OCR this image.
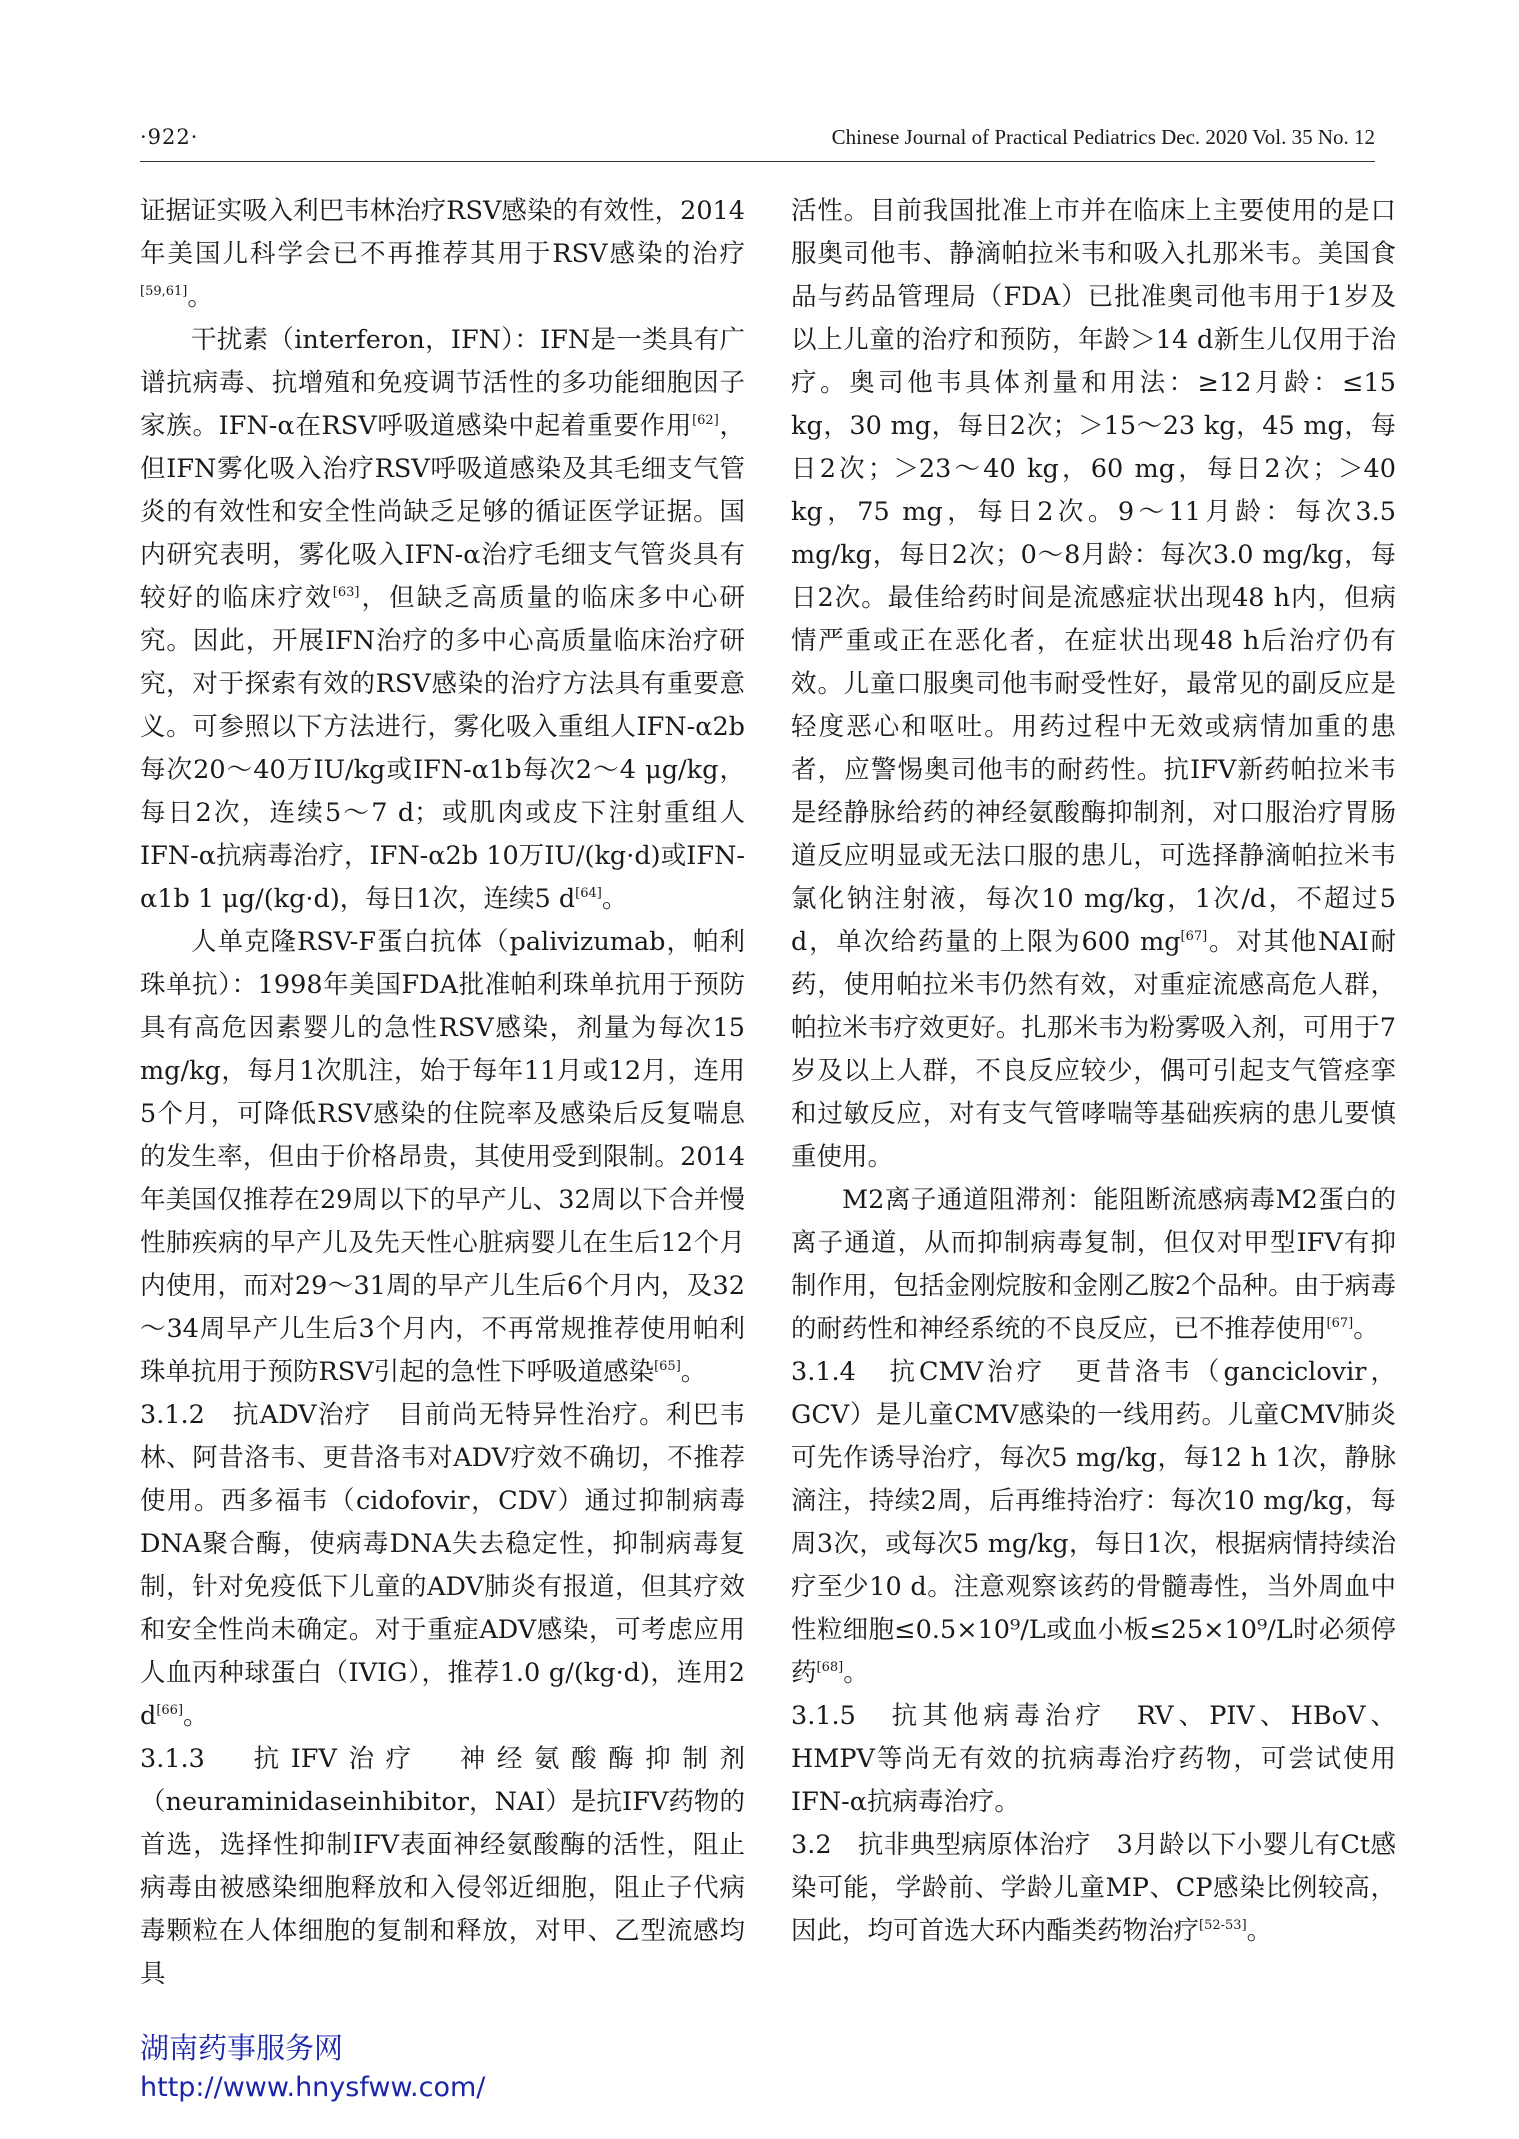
·922·	Chinese Journal of Practical Pediatrics Dec. 2020 Vol. 35 No. 12

证据证实吸入利巴韦林治疗RSV感染的有效性，2014年美国儿科学会已不再推荐其用于RSV感染的治疗[59,61]。

干扰素（interferon，IFN）：IFN是一类具有广谱抗病毒、抗增殖和免疫调节活性的多功能细胞因子家族。IFN-α在RSV呼吸道感染中起着重要作用[62]，但IFN雾化吸入治疗RSV呼吸道感染及其毛细支气管炎的有效性和安全性尚缺乏足够的循证医学证据。国内研究表明，雾化吸入IFN-α治疗毛细支气管炎具有较好的临床疗效[63]，但缺乏高质量的临床多中心研究。因此，开展IFN治疗的多中心高质量临床治疗研究，对于探索有效的RSV感染的治疗方法具有重要意义。可参照以下方法进行，雾化吸入重组人IFN-α2b每次20～40万IU/kg或IFN-α1b每次2～4 μg/kg，每日2次，连续5～7 d；或肌肉或皮下注射重组人IFN-α抗病毒治疗，IFN-α2b 10万IU/(kg·d)或IFN-α1b 1 μg/(kg·d)，每日1次，连续5 d[64]。

人单克隆RSV-F蛋白抗体（palivizumab，帕利珠单抗）：1998年美国FDA批准帕利珠单抗用于预防具有高危因素婴儿的急性RSV感染，剂量为每次15 mg/kg，每月1次肌注，始于每年11月或12月，连用5个月，可降低RSV感染的住院率及感染后反复喘息的发生率，但由于价格昂贵，其使用受到限制。2014年美国仅推荐在29周以下的早产儿、32周以下合并慢性肺疾病的早产儿及先天性心脏病婴儿在生后12个月内使用，而对29～31周的早产儿生后6个月内，及32～34周早产儿生后3个月内，不再常规推荐使用帕利珠单抗用于预防RSV引起的急性下呼吸道感染[65]。

3.1.2　抗ADV治疗　目前尚无特异性治疗。利巴韦林、阿昔洛韦、更昔洛韦对ADV疗效不确切，不推荐使用。西多福韦（cidofovir，CDV）通过抑制病毒DNA聚合酶，使病毒DNA失去稳定性，抑制病毒复制，针对免疫低下儿童的ADV肺炎有报道，但其疗效和安全性尚未确定。对于重症ADV感染，可考虑应用人血丙种球蛋白（IVIG），推荐1.0 g/(kg·d)，连用2 d[66]。

3.1.3　抗IFV治疗　神经氨酸酶抑制剂（neuraminidaseinhibitor，NAI）是抗IFV药物的首选，选择性抑制IFV表面神经氨酸酶的活性，阻止病毒由被感染细胞释放和入侵邻近细胞，阻止子代病毒颗粒在人体细胞的复制和释放，对甲、乙型流感均具

活性。目前我国批准上市并在临床上主要使用的是口服奥司他韦、静滴帕拉米韦和吸入扎那米韦。美国食品与药品管理局（FDA）已批准奥司他韦用于1岁及以上儿童的治疗和预防，年龄＞14 d新生儿仅用于治疗。奥司他韦具体剂量和用法：≥12月龄：≤15 kg，30 mg，每日2次；＞15～23 kg，45 mg，每日2次；＞23～40 kg，60 mg，每日2次；＞40 kg，75 mg，每日2次。9～11月龄：每次3.5 mg/kg，每日2次；0～8月龄：每次3.0 mg/kg，每日2次。最佳给药时间是流感症状出现48 h内，但病情严重或正在恶化者，在症状出现48 h后治疗仍有效。儿童口服奥司他韦耐受性好，最常见的副反应是轻度恶心和呕吐。用药过程中无效或病情加重的患者，应警惕奥司他韦的耐药性。抗IFV新药帕拉米韦是经静脉给药的神经氨酸酶抑制剂，对口服治疗胃肠道反应明显或无法口服的患儿，可选择静滴帕拉米韦氯化钠注射液，每次10 mg/kg，1次/d，不超过5 d，单次给药量的上限为600 mg[67]。对其他NAI耐药，使用帕拉米韦仍然有效，对重症流感高危人群，帕拉米韦疗效更好。扎那米韦为粉雾吸入剂，可用于7岁及以上人群，不良反应较少，偶可引起支气管痉挛和过敏反应，对有支气管哮喘等基础疾病的患儿要慎重使用。

M2离子通道阻滞剂：能阻断流感病毒M2蛋白的离子通道，从而抑制病毒复制，但仅对甲型IFV有抑制作用，包括金刚烷胺和金刚乙胺2个品种。由于病毒的耐药性和神经系统的不良反应，已不推荐使用[67]。

3.1.4　抗CMV治疗　更昔洛韦（ganciclovir，GCV）是儿童CMV感染的一线用药。儿童CMV肺炎可先作诱导治疗，每次5 mg/kg，每12 h 1次，静脉滴注，持续2周，后再维持治疗：每次10 mg/kg，每周3次，或每次5 mg/kg，每日1次，根据病情持续治疗至少10 d。注意观察该药的骨髓毒性，当外周血中性粒细胞≤0.5×10⁹/L或血小板≤25×10⁹/L时必须停药[68]。

3.1.5　抗其他病毒治疗　RV、PIV、HBoV、HMPV等尚无有效的抗病毒治疗药物，可尝试使用IFN-α抗病毒治疗。

3.2　抗非典型病原体治疗　3月龄以下小婴儿有Ct感染可能，学龄前、学龄儿童MP、CP感染比例较高，因此，均可首选大环内酯类药物治疗[52-53]。

湖南药事服务网
http://www.hnysfww.com/
